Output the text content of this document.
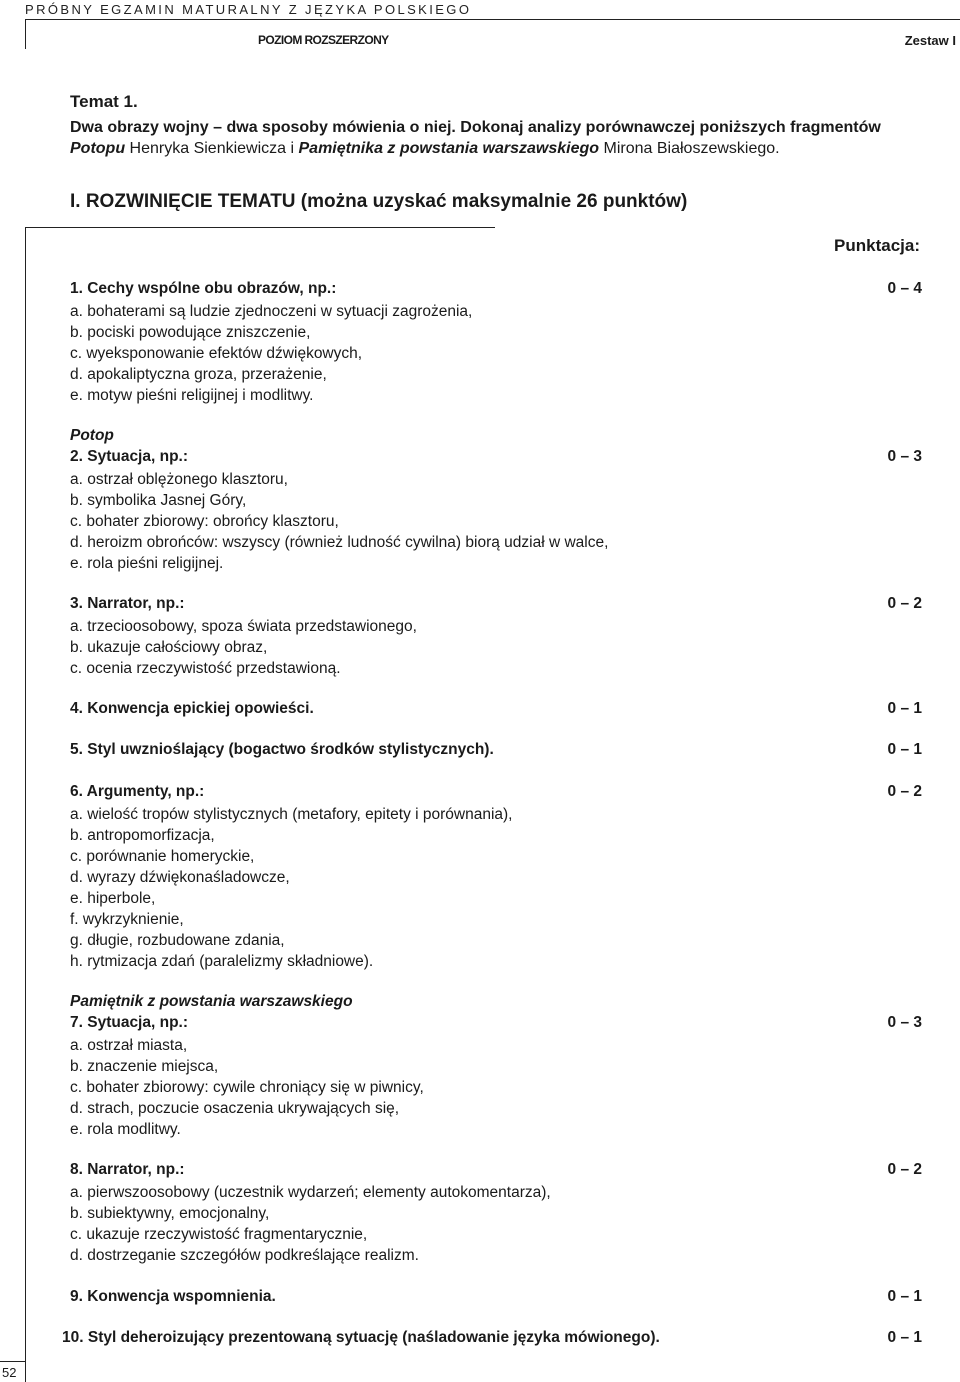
PRÓBNY EGZAMIN MATURALNY Z JĘZYKA POLSKIEGO
POZIOM ROZSZERZONY	Zestaw I
Temat 1.
Dwa obrazy wojny – dwa sposoby mówienia o niej. Dokonaj analizy porównawczej poniższych fragmentów Potopu Henryka Sienkiewicza i Pamiętnika z powstania warszawskiego Mirona Białoszewskiego.
I. ROZWINIĘCIE TEMATU (można uzyskać maksymalnie 26 punktów)
Punktacja:
1. Cechy wspólne obu obrazów, np.:	0 – 4
a. bohaterami są ludzie zjednoczeni w sytuacji zagrożenia,
b. pociski powodujące zniszczenie,
c. wyeksponowanie efektów dźwiękowych,
d. apokaliptyczna groza, przerażenie,
e. motyw pieśni religijnej i modlitwy.
Potop
2. Sytuacja, np.:	0 – 3
a. ostrzał oblężonego klasztoru,
b. symbolika Jasnej Góry,
c. bohater zbiorowy: obrońcy klasztoru,
d. heroizm obrońców: wszyscy (również ludność cywilna) biorą udział w walce,
e. rola pieśni religijnej.
3. Narrator, np.:	0 – 2
a. trzecioosobowy, spoza świata przedstawionego,
b. ukazuje całościowy obraz,
c. ocenia rzeczywistość przedstawioną.
4. Konwencja epickiej opowieści.	0 – 1
5. Styl uwznioślający (bogactwo środków stylistycznych).	0 – 1
6. Argumenty, np.:	0 – 2
a. wielość tropów stylistycznych (metafory, epitety i porównania),
b. antropomorfizacja,
c. porównanie homeryckie,
d. wyrazy dźwiękonaśladowcze,
e. hiperbole,
f. wykrzyknienie,
g. długie, rozbudowane zdania,
h. rytmizacja zdań (paralelizmy składniowe).
Pamiętnik z powstania warszawskiego
7. Sytuacja, np.:	0 – 3
a. ostrzał miasta,
b. znaczenie miejsca,
c. bohater zbiorowy: cywile chroniący się w piwnicy,
d. strach, poczucie osaczenia ukrywających się,
e. rola modlitwy.
8. Narrator, np.:	0 – 2
a. pierwszoosobowy (uczestnik wydarzeń; elementy autokomentarza),
b. subiektywny, emocjonalny,
c. ukazuje rzeczywistość fragmentarycznie,
d. dostrzeganie szczegółów podkreślające realizm.
9. Konwencja wspomnienia.	0 – 1
10. Styl deheroizujący prezentowaną sytuację (naśladowanie języka mówionego).	0 – 1
52
